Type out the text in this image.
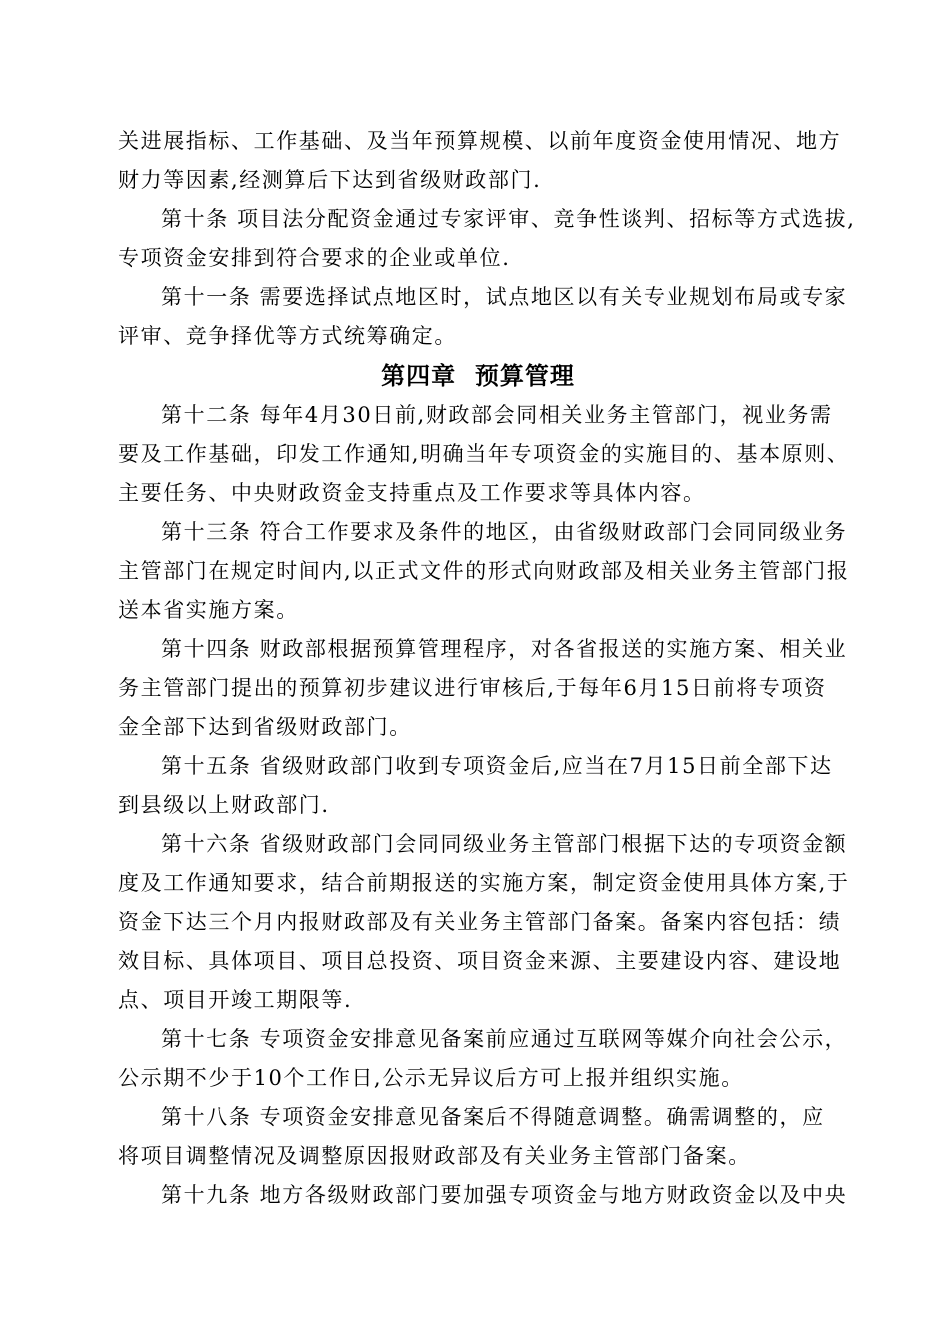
关进展指标、工作基础、及当年预算规模、以前年度资金使用情况、地方
财力等因素,经测算后下达到省级财政部门.

第十条 项目法分配资金通过专家评审、竞争性谈判、招标等方式选拔,
专项资金安排到符合要求的企业或单位.

第十一条 需要选择试点地区时，试点地区以有关专业规划布局或专家
评审、竞争择优等方式统筹确定。

第四章  预算管理

第十二条 每年4月30日前,财政部会同相关业务主管部门，视业务需
要及工作基础，印发工作通知,明确当年专项资金的实施目的、基本原则、
主要任务、中央财政资金支持重点及工作要求等具体内容。

第十三条 符合工作要求及条件的地区，由省级财政部门会同同级业务
主管部门在规定时间内,以正式文件的形式向财政部及相关业务主管部门报
送本省实施方案。

第十四条 财政部根据预算管理程序，对各省报送的实施方案、相关业
务主管部门提出的预算初步建议进行审核后,于每年6月15日前将专项资
金全部下达到省级财政部门。

第十五条 省级财政部门收到专项资金后,应当在7月15日前全部下达
到县级以上财政部门.

第十六条 省级财政部门会同同级业务主管部门根据下达的专项资金额
度及工作通知要求，结合前期报送的实施方案，制定资金使用具体方案,于
资金下达三个月内报财政部及有关业务主管部门备案。备案内容包括：绩
效目标、具体项目、项目总投资、项目资金来源、主要建设内容、建设地
点、项目开竣工期限等.

第十七条 专项资金安排意见备案前应通过互联网等媒介向社会公示，
公示期不少于10个工作日,公示无异议后方可上报并组织实施。

第十八条 专项资金安排意见备案后不得随意调整。确需调整的，应
将项目调整情况及调整原因报财政部及有关业务主管部门备案。

第十九条 地方各级财政部门要加强专项资金与地方财政资金以及中央
